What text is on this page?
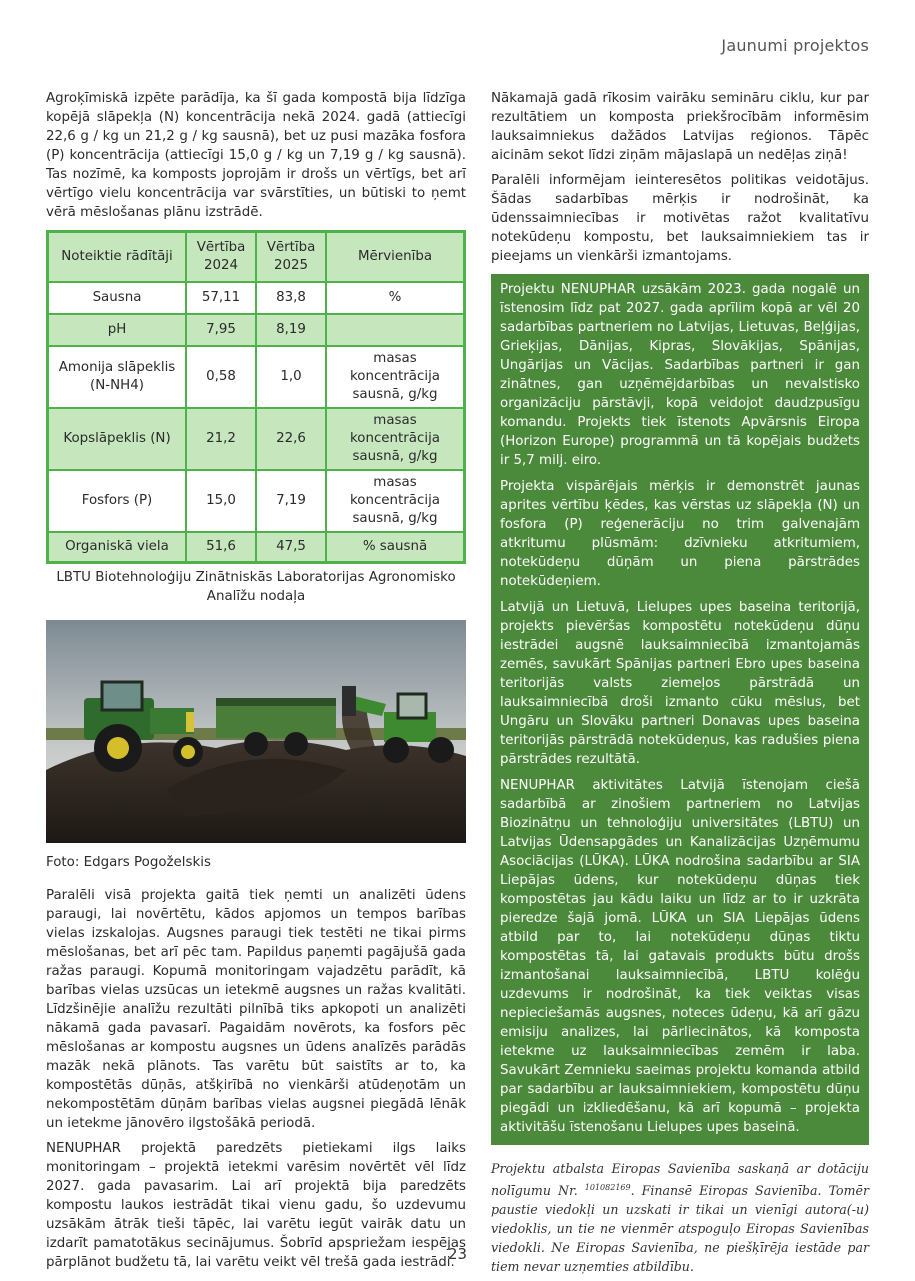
Jaunumi projektos

Agroķīmiskā izpēte parādīja, ka šī gada kompostā bija līdzīga kopējā slāpekļa (N) koncentrācija nekā 2024. gadā (attiecīgi 22,6 g / kg un 21,2 g / kg sausnā), bet uz pusi mazāka fosfora (P) koncentrācija (attiecīgi 15,0 g / kg un 7,19 g / kg sausnā). Tas nozīmē, ka komposts joprojām ir drošs un vērtīgs, bet arī vērtīgo vielu koncentrācija var svārstīties, un būtiski to ņemt vērā mēslošanas plānu izstrādē.

Noteiktie rādītāji	Vērtība 2024	Vērtība 2025	Mērvienība
Sausna	57,11	83,8	%
pH	7,95	8,19	
Amonija slāpeklis (N-NH4)	0,58	1,0	masas koncentrācija sausnā, g/kg
Kopslāpeklis (N)	21,2	22,6	masas koncentrācija sausnā, g/kg
Fosfors (P)	15,0	7,19	masas koncentrācija sausnā, g/kg
Organiskā viela	51,6	47,5	% sausnā
LBTU Biotehnoloģiju Zinātniskās Laboratorijas Agronomisko Analīžu nodaļa
Foto: Edgars Pogoželskis

Paralēli visā projekta gaitā tiek ņemti un analizēti ūdens paraugi, lai novērtētu, kādos apjomos un tempos barības vielas izskalojas. Augsnes paraugi tiek testēti ne tikai pirms mēslošanas, bet arī pēc tam. Papildus paņemti pagājušā gada ražas paraugi. Kopumā monitoringam vajadzētu parādīt, kā barības vielas uzsūcas un ietekmē augsnes un ražas kvalitāti. Līdzšinējie analīžu rezultāti pilnībā tiks apkopoti un analizēti nākamā gada pavasarī. Pagaidām novērots, ka fosfors pēc mēslošanas ar kompostu augsnes un ūdens analīzēs parādās mazāk nekā plānots. Tas varētu būt saistīts ar to, ka kompostētās dūņās, atšķirībā no vienkārši atūdeņotām un nekompostētām dūņām barības vielas augsnei piegādā lēnāk un ietekme jānovēro ilgstošākā periodā.

NENUPHAR projektā paredzēts pietiekami ilgs laiks monitoringam – projektā ietekmi varēsim novērtēt vēl līdz 2027. gada pavasarim. Lai arī projektā bija paredzēts kompostu laukos iestrādāt tikai vienu gadu, šo uzdevumu uzsākām ātrāk tieši tāpēc, lai varētu iegūt vairāk datu un izdarīt pamatotākus secinājumus. Šobrīd apspriežam iespējas pārplānot budžetu tā, lai varētu veikt vēl trešā gada iestrādi.

Nākamajā gadā rīkosim vairāku semināru ciklu, kur par rezultātiem un komposta priekšrocībām informēsim lauksaimniekus dažādos Latvijas reģionos. Tāpēc aicinām sekot līdzi ziņām mājaslapā un nedēļas ziņā!

Paralēli informējam ieinteresētos politikas veidotājus. Šādas sadarbības mērķis ir nodrošināt, ka ūdenssaimniecības ir motivētas ražot kvalitatīvu notekūdeņu kompostu, bet lauksaimniekiem tas ir pieejams un vienkārši izmantojams.

Projektu NENUPHAR uzsākām 2023. gada nogalē un īstenosim līdz pat 2027. gada aprīlim kopā ar vēl 20 sadarbības partneriem no Latvijas, Lietuvas, Beļģijas, Grieķijas, Dānijas, Kipras, Slovākijas, Spānijas, Ungārijas un Vācijas. Sadarbības partneri ir gan zinātnes, gan uzņēmējdarbības un nevalstisko organizāciju pārstāvji, kopā veidojot daudzpusīgu komandu. Projekts tiek īstenots Apvārsnis Eiropa (Horizon Europe) programmā un tā kopējais budžets ir 5,7 milj. eiro.

Projekta vispārējais mērķis ir demonstrēt jaunas aprites vērtību ķēdes, kas vērstas uz slāpekļa (N) un fosfora (P) reģenerāciju no trim galvenajām atkritumu plūsmām: dzīvnieku atkritumiem, notekūdeņu dūņām un piena pārstrādes notekūdeņiem.

Latvijā un Lietuvā, Lielupes upes baseina teritorijā, projekts pievēršas kompostētu notekūdeņu dūņu iestrādei augsnē lauksaimniecībā izmantojamās zemēs, savukārt Spānijas partneri Ebro upes baseina teritorijās valsts ziemeļos pārstrādā un lauksaimniecībā droši izmanto cūku mēslus, bet Ungāru un Slovāku partneri Donavas upes baseina teritorijās pārstrādā notekūdeņus, kas radušies piena pārstrādes rezultātā.

NENUPHAR aktivitātes Latvijā īstenojam ciešā sadarbībā ar zinošiem partneriem no Latvijas Biozinātņu un tehnoloģiju universitātes (LBTU) un Latvijas Ūdensapgādes un Kanalizācijas Uzņēmumu Asociācijas (LŪKA). LŪKA nodrošina sadarbību ar SIA Liepājas ūdens, kur notekūdeņu dūņas tiek kompostētas jau kādu laiku un līdz ar to ir uzkrāta pieredze šajā jomā. LŪKA un SIA Liepājas ūdens atbild par to, lai notekūdeņu dūņas tiktu kompostētas tā, lai gatavais produkts būtu drošs izmantošanai lauksaimniecībā, LBTU kolēģu uzdevums ir nodrošināt, ka tiek veiktas visas nepieciešamās augsnes, noteces ūdeņu, kā arī gāzu emisiju analizes, lai pārliecinātos, kā komposta ietekme uz lauksaimniecības zemēm ir laba. Savukārt Zemnieku saeimas projektu komanda atbild par sadarbību ar lauksaimniekiem, kompostētu dūņu piegādi un izkliedēšanu, kā arī kopumā – projekta aktivitāšu īstenošanu Lielupes upes baseinā.

Projektu atbalsta Eiropas Savienība saskaņā ar dotāciju nolīgumu Nr. $^{101082169}$. Finansē Eiropas Savienība. Tomēr paustie viedokļi un uzskati ir tikai un vienīgi autora(-u) viedoklis, un tie ne vienmēr atspoguļo Eiropas Savienības viedokli. Ne Eiropas Savienība, ne piešķīrēja iestāde par tiem nevar uzņemties atbildību.
23
